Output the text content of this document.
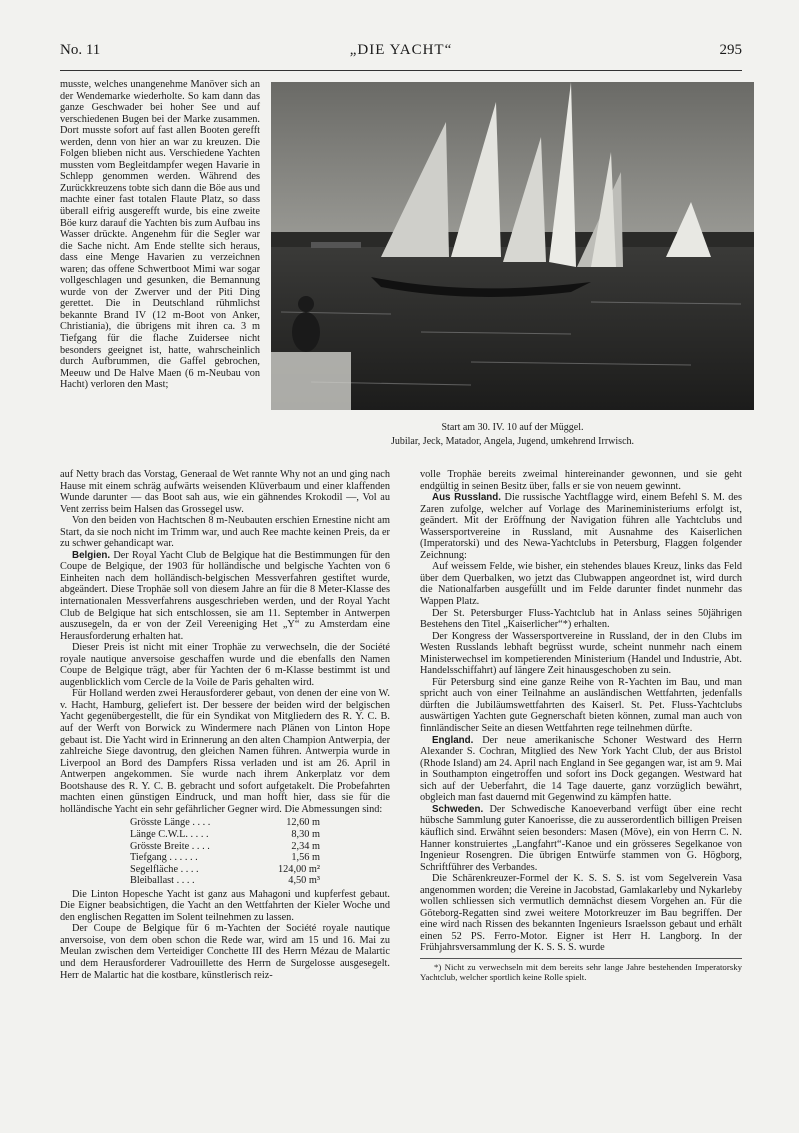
No. 11	„DIE YACHT“	295
Start am 30. IV. 10 auf der Müggel.
Jubilar, Jeck, Matador, Angela, Jugend, umkehrend Irrwisch.

musste, welches unangenehme Manöver sich an der Wendemarke wiederholte. So kam dann das ganze Geschwader bei hoher See und auf verschiedenen Bugen bei der Marke zusammen. Dort musste sofort auf fast allen Booten gerefft werden, denn von hier an war zu kreuzen. Die Folgen blieben nicht aus. Verschiedene Yachten mussten vom Begleitdampfer wegen Havarie in Schlepp genommen werden. Während des Zurückkreuzens tobte sich dann die Böe aus und machte einer fast totalen Flaute Platz, so dass überall eifrig ausgerefft wurde, bis eine zweite Böe kurz darauf die Yachten bis zum Aufbau ins Wasser drückte. Angenehm für die Segler war die Sache nicht. Am Ende stellte sich heraus, dass eine Menge Havarien zu verzeichnen waren; das offene Schwertboot Mimi war sogar vollgeschlagen und gesunken, die Bemannung wurde von der Zwerver und der Piti Ding gerettet. Die in Deutschland rühmlichst bekannte Brand IV (12 m-Boot von Anker, Christiania), die übrigens mit ihren ca. 3 m Tiefgang für die flache Zuidersee nicht besonders geeignet ist, hatte, wahrscheinlich durch Aufbrummen, die Gaffel gebrochen, Meeuw und De Halve Maen (6 m-Neubau von Hacht) verloren den Mast;

auf Netty brach das Vorstag, Generaal de Wet rannte Why not an und ging nach Hause mit einem schräg aufwärts weisenden Klüverbaum und einer klaffenden Wunde darunter — das Boot sah aus, wie ein gähnendes Krokodil —, Vol au Vent zerriss beim Halsen das Grossegel usw.

Von den beiden von Hachtschen 8 m-Neubauten erschien Ernestine nicht am Start, da sie noch nicht im Trimm war, und auch Ree machte keinen Preis, da er zu schwer gehandicapt war.

Belgien. Der Royal Yacht Club de Belgique hat die Bestimmungen für den Coupe de Belgique, der 1903 für holländische und belgische Yachten von 6 Einheiten nach dem holländisch-belgischen Messverfahren gestiftet wurde, abgeändert. Diese Trophäe soll von diesem Jahre an für die 8 Meter-Klasse des internationalen Messverfahrens ausgeschrieben werden, und der Royal Yacht Club de Belgique hat sich entschlossen, sie am 11. September in Antwerpen auszusegeln, da er von der Zeil Vereeniging Het „Y“ zu Amsterdam eine Herausforderung erhalten hat.

Dieser Preis ist nicht mit einer Trophäe zu verwechseln, die der Société royale nautique anversoise geschaffen wurde und die ebenfalls den Namen Coupe de Belgique trägt, aber für Yachten der 6 m-Klasse bestimmt ist und augenblicklich vom Cercle de la Voile de Paris gehalten wird.

Für Holland werden zwei Herausforderer gebaut, von denen der eine von W. v. Hacht, Hamburg, geliefert ist. Der bessere der beiden wird der belgischen Yacht gegenübergestellt, die für ein Syndikat von Mitgliedern des R. Y. C. B. auf der Werft von Borwick zu Windermere nach Plänen von Linton Hope gebaut ist. Die Yacht wird in Erinnerung an den alten Champion Antwerpia, der zahlreiche Siege davontrug, den gleichen Namen führen. Antwerpia wurde in Liverpool an Bord des Dampfers Rissa verladen und ist am 26. April in Antwerpen angekommen. Sie wurde nach ihrem Ankerplatz vor dem Bootshause des R. Y. C. B. gebracht und sofort aufgetakelt. Die Probefahrten machten einen günstigen Eindruck, und man hofft hier, dass sie für die holländische Yacht ein sehr gefährlicher Gegner wird. Die Abmessungen sind:

Grösste Länge . . . .	12,60 m
Länge C.W.L. . . . .	8,30 m
Grösste Breite . . . .	2,34 m
Tiefgang . . . . . .	1,56 m
Segelfläche . . . .	124,00 m²
Bleiballast . . . .	4,50 m³

Die Linton Hopesche Yacht ist ganz aus Mahagoni und kupferfest gebaut. Die Eigner beabsichtigen, die Yacht an den Wettfahrten der Kieler Woche und den englischen Regatten im Solent teilnehmen zu lassen.

Der Coupe de Belgique für 6 m-Yachten der Société royale nautique anversoise, von dem oben schon die Rede war, wird am 15 und 16. Mai zu Meulan zwischen dem Verteidiger Conchette III des Herrn Mézau de Malartic und dem Herausforderer Vadrouillette des Herrn de Surgelosse ausgesegelt. Herr de Malartic hat die kostbare, künstlerisch reiz-

volle Trophäe bereits zweimal hintereinander gewonnen, und sie geht endgültig in seinen Besitz über, falls er sie von neuem gewinnt.

Aus Russland. Die russische Yachtflagge wird, einem Befehl S. M. des Zaren zufolge, welcher auf Vorlage des Marineministeriums erfolgt ist, geändert. Mit der Eröffnung der Navigation führen alle Yachtclubs und Wassersportvereine in Russland, mit Ausnahme des Kaiserlichen (Imperatorski) und des Newa-Yachtclubs in Petersburg, Flaggen folgender Zeichnung:

Auf weissem Felde, wie bisher, ein stehendes blaues Kreuz, links das Feld über dem Querbalken, wo jetzt das Clubwappen angeordnet ist, wird durch die Nationalfarben ausgefüllt und im Felde darunter findet nunmehr das Wappen Platz.

Der St. Petersburger Fluss-Yachtclub hat in Anlass seines 50jährigen Bestehens den Titel „Kaiserlicher“*) erhalten.

Der Kongress der Wassersportvereine in Russland, der in den Clubs im Westen Russlands lebhaft begrüsst wurde, scheint nunmehr nach einem Ministerwechsel im kompetierenden Ministerium (Handel und Industrie, Abt. Handelsschiffahrt) auf längere Zeit hinausgeschoben zu sein.

Für Petersburg sind eine ganze Reihe von R-Yachten im Bau, und man spricht auch von einer Teilnahme an ausländischen Wettfahrten, jedenfalls dürften die Jubiläumswettfahrten des Kaiserl. St. Pet. Fluss-Yachtclubs auswärtigen Yachten gute Gegnerschaft bieten können, zumal man auch von finnländischer Seite an diesen Wettfahrten rege teilnehmen dürfte.

England. Der neue amerikanische Schoner Westward des Herrn Alexander S. Cochran, Mitglied des New York Yacht Club, der aus Bristol (Rhode Island) am 24. April nach England in See gegangen war, ist am 9. Mai in Southampton eingetroffen und sofort ins Dock gegangen. Westward hat sich auf der Ueberfahrt, die 14 Tage dauerte, ganz vorzüglich bewährt, obgleich man fast dauernd mit Gegenwind zu kämpfen hatte.

Schweden. Der Schwedische Kanoeverband verfügt über eine recht hübsche Sammlung guter Kanoerisse, die zu ausserordentlich billigen Preisen käuflich sind. Erwähnt seien besonders: Masen (Möve), ein von Herrn C. N. Hanner konstruiertes „Langfahrt“-Kanoe und ein grösseres Segelkanoe von Ingenieur Rosengren. Die übrigen Entwürfe stammen von G. Högborg, Schriftführer des Verbandes.

Die Schärenkreuzer-Formel der K. S. S. S. ist vom Segelverein Vasa angenommen worden; die Vereine in Jacobstad, Gamlakarleby und Nykarleby wollen schliessen sich vermutlich demnächst diesem Vorgehen an. Für die Göteborg-Regatten sind zwei weitere Motorkreuzer im Bau begriffen. Der eine wird nach Rissen des bekannten Ingenieurs Israelsson gebaut und erhält einen 52 PS. Ferro-Motor. Eigner ist Herr H. Langborg. In der Frühjahrsversammlung der K. S. S. S. wurde

*) Nicht zu verwechseln mit dem bereits sehr lange Jahre bestehenden Imperatorsky Yachtclub, welcher sportlich keine Rolle spielt.
